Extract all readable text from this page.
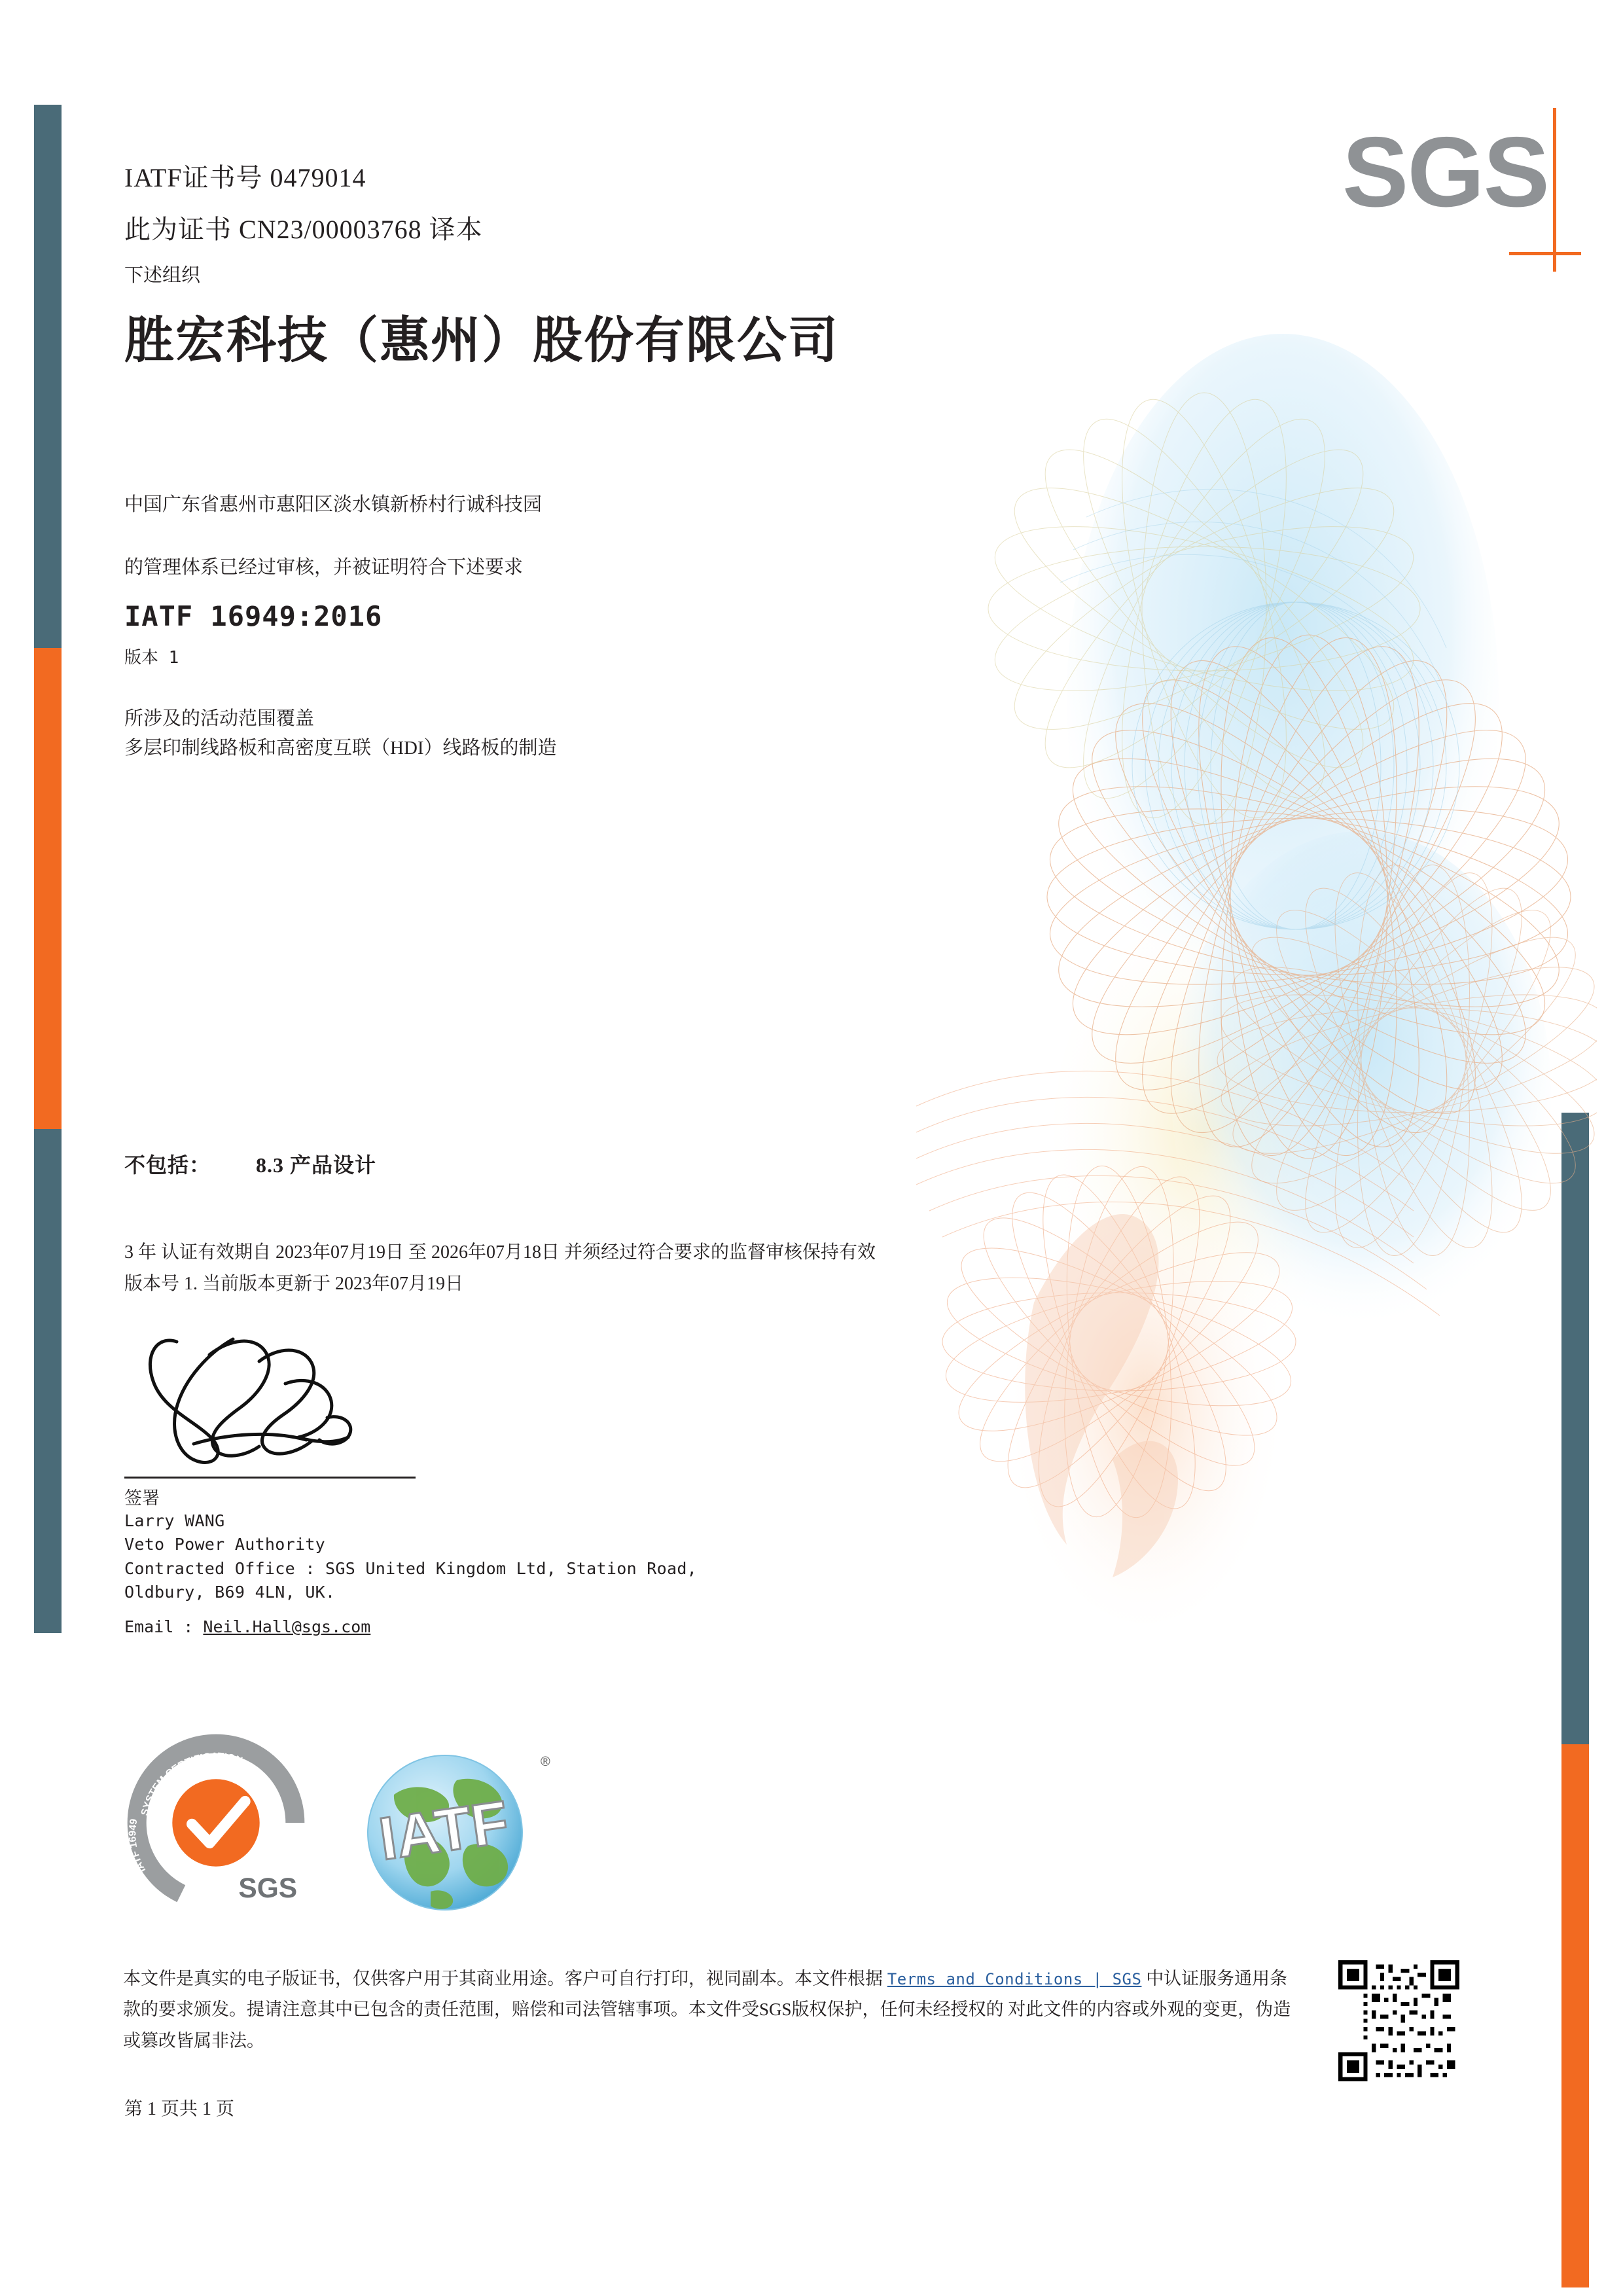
SGS
IATF证书号 0479014
此为证书 CN23/00003768 译本
下述组织
胜宏科技（惠州）股份有限公司
中国广东省惠州市惠阳区淡水镇新桥村行诚科技园
的管理体系已经过审核，并被证明符合下述要求
IATF 16949:2016
版本 1
所涉及的活动范围覆盖
多层印制线路板和高密度互联（HDI）线路板的制造
不包括： 8.3 产品设计
3 年 认证有效期自 2023年07月19日 至 2026年07月18日 并须经过符合要求的监督审核保持有效
版本号 1. 当前版本更新于 2023年07月19日
签署
Larry WANG
Veto Power Authority
Contracted Office : SGS United Kingdom Ltd, Station Road, Oldbury, B69 4LN, UK.
Email : Neil.Hall@sgs.com
SYSTEM CERTIFICATION
IATF 16949
SGS
IATF
®
本文件是真实的电子版证书，仅供客户用于其商业用途。客户可自行打印，视同副本。本文件根据 Terms and Conditions | SGS 中认证服务通用条款的要求颁发。提请注意其中已包含的责任范围，赔偿和司法管辖事项。本文件受SGS版权保护，任何未经授权的 对此文件的内容或外观的变更，伪造或篡改皆属非法。
第 1 页共 1 页
